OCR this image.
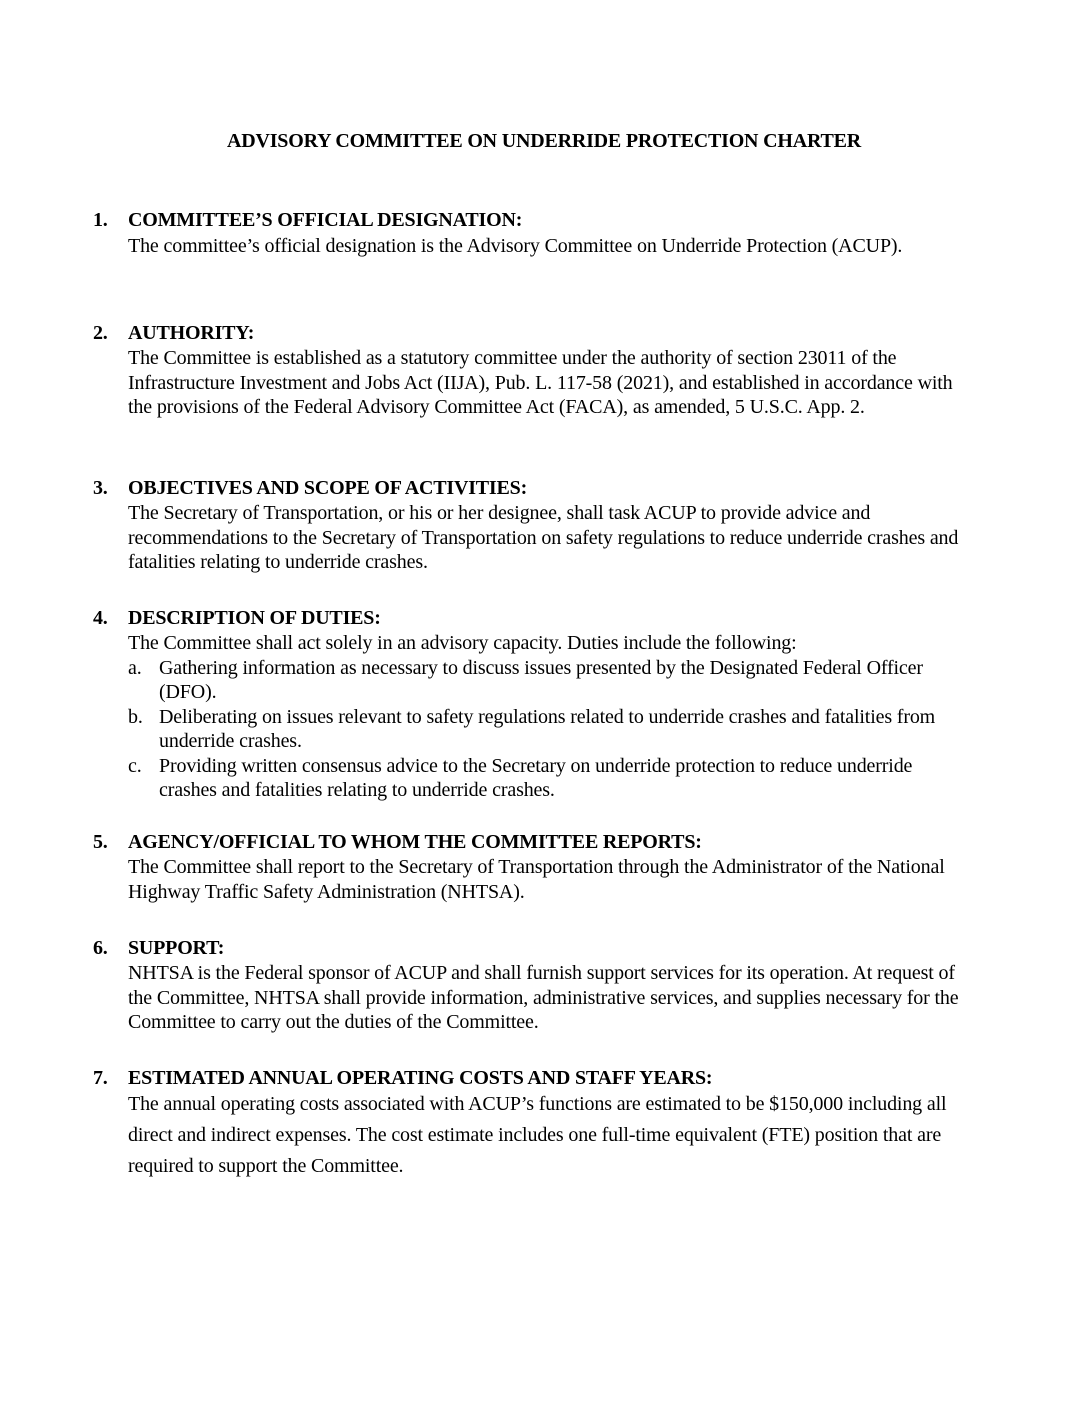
ADVISORY COMMITTEE ON UNDERRIDE PROTECTION CHARTER
1.	COMMITTEE’S OFFICIAL DESIGNATION:
The committee’s official designation is the Advisory Committee on Underride Protection (ACUP).
2.	AUTHORITY:
The Committee is established as a statutory committee under the authority of section 23011 of the Infrastructure Investment and Jobs Act (IIJA), Pub. L. 117-58 (2021), and established in accordance with the provisions of the Federal Advisory Committee Act (FACA), as amended, 5 U.S.C. App. 2.
3.	OBJECTIVES AND SCOPE OF ACTIVITIES:
The Secretary of Transportation, or his or her designee, shall task ACUP to provide advice and recommendations to the Secretary of Transportation on safety regulations to reduce underride crashes and fatalities relating to underride crashes.
4.	DESCRIPTION OF DUTIES:
The Committee shall act solely in an advisory capacity. Duties include the following:
a. Gathering information as necessary to discuss issues presented by the Designated Federal Officer (DFO).
b. Deliberating on issues relevant to safety regulations related to underride crashes and fatalities from underride crashes.
c. Providing written consensus advice to the Secretary on underride protection to reduce underride crashes and fatalities relating to underride crashes.
5.	AGENCY/OFFICIAL TO WHOM THE COMMITTEE REPORTS:
The Committee shall report to the Secretary of Transportation through the Administrator of the National Highway Traffic Safety Administration (NHTSA).
6.	SUPPORT:
NHTSA is the Federal sponsor of ACUP and shall furnish support services for its operation. At request of the Committee, NHTSA shall provide information, administrative services, and supplies necessary for the Committee to carry out the duties of the Committee.
7.	ESTIMATED ANNUAL OPERATING COSTS AND STAFF YEARS:
The annual operating costs associated with ACUP’s functions are estimated to be $150,000 including all direct and indirect expenses. The cost estimate includes one full-time equivalent (FTE) position that are required to support the Committee.
